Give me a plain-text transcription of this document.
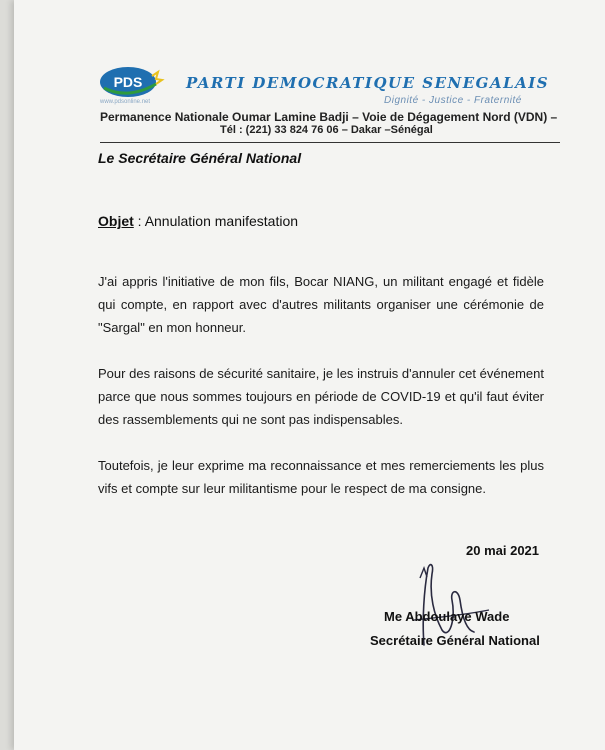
PDS	PARTI DEMOCRATIQUE SENEGALAIS
Dignité - Justice - Fraternité
www.pdsonline.net
Permanence Nationale Oumar Lamine Badji – Voie de Dégagement Nord (VDN) –
Tél : (221) 33 824 76 06 – Dakar –Sénégal
Le Secrétaire Général National
Objet : Annulation manifestation
J'ai appris l'initiative de mon fils, Bocar NIANG, un militant engagé et fidèle qui compte, en rapport avec d'autres militants organiser une cérémonie de "Sargal" en mon honneur.
Pour des raisons de sécurité sanitaire, je les instruis d'annuler cet événement parce que nous sommes toujours en période de COVID-19 et qu'il faut éviter des rassemblements qui ne sont pas indispensables.
Toutefois, je leur exprime ma reconnaissance et mes remerciements les plus vifs et compte sur leur militantisme pour le respect de ma consigne.
20 mai 2021
Me Abdoulaye Wade
Secrétaire Général National
